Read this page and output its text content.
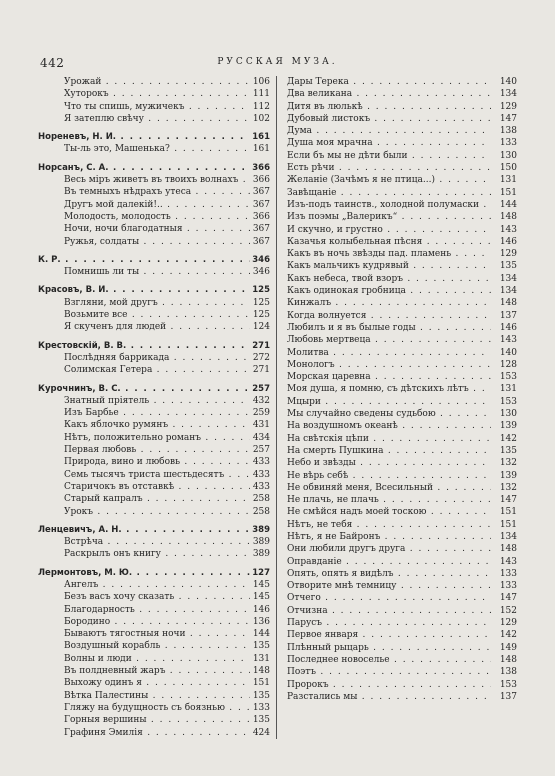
442	РУССКАЯ МУЗА.
Урожай . . .	106
Хуторокъ . . .	111
Что ты спишь, мужичекъ . . .	112
Я затеплю свѣчу . . .	102
Нореневъ, Н. И. . . .	161
Ты-ль это, Машенька? . . .	161
Норсанъ, С. А. . . .	366
Весь міръ живетъ въ твоихъ волнахъ . . .	366
Въ темныхъ нѣдрахъ утеса . . .	367
Другъ мой далекій!.. . . .	367
Молодость, молодость . . .	366
Ночи, ночи благодатныя . . .	367
Ружья, солдаты . . .	367
К. Р. . . .	346
Помнишь ли ты . . .	346
Красовъ, В. И. . . .	125
Взгляни, мой другъ . . .	125
Возьмите все . . .	125
Я скученъ для людей . . .	124
Крестовскій, В. В. . . .	271
Послѣдняя баррикада . . .	272
Солимская Гетера . . .	271
Курочнинъ, В. С. . . .	257
Знатный пріятель . . .	432
Изъ Барбье . . .	259
Какъ яблочко румянъ . . .	431
Нѣтъ, положительно романъ . . .	434
Первая любовь . . .	257
Природа, вино и любовь . . .	433
Семь тысячъ триста шестьдесятъ . . .	433
Старичокъ въ отставкѣ . . .	433
Старый капралъ . . .	258
Урокъ . . .	258
Ленцевичъ, А. Н. . . .	389
Встрѣча . . .	389
Раскрылъ онъ книгу . . .	389
Лермонтовъ, М. Ю. . . .	127
Ангелъ . . .	145
Безъ васъ хочу сказать . . .	145
Благодарность . . .	146
Бородино . . .	136
Бываютъ тягостныя ночи . . .	144
Воздушный корабль . . .	135
Волны и люди . . .	131
Въ полдневный жаръ . . .	148
Выхожу одинъ я . . .	151
Вѣтка Палестины . . .	135
Гляжу на будущность съ боязнью . . .	133
Горныя вершины . . .	135
Графиня Эмилія . . .	424
Дары Терека . . .	140
Два великана . . .	134
Дитя въ люлькѣ . . .	129
Дубовый листокъ . . .	147
Дума . . .	138
Душа моя мрачна . . .	133
Если бъ мы не дѣти были . . .	130
Есть рѣчи . . .	150
Желаніе (Зачѣмъ я не птица...) . . .	131
Завѣщаніе . . .	151
Изъ-подъ таинств., холодной полумаски . . .	144
Изъ поэмы „Валерикъ“ . . .	148
И скучно, и грустно . . .	143
Казачья колыбельная пѣсня . . .	146
Какъ въ ночь звѣзды пад. пламень . . .	129
Какъ мальчикъ кудрявый . . .	135
Какъ небеса, твой взоръ . . .	134
Какъ одинокая гробница . . .	134
Кинжалъ . . .	148
Когда волнуется . . .	137
Любилъ и я въ былые годы . . .	146
Любовь мертвеца . . .	143
Молитва . . .	140
Монологъ . . .	128
Морская царевна . . .	153
Моя душа, я помню, съ дѣтскихъ лѣтъ . . .	131
Мцыри . . .	153
Мы случайно сведены судьбою . . .	130
На воздушномъ океанѣ . . .	139
На свѣтскія цѣпи . . .	142
На смерть Пушкина . . .	135
Небо и звѣзды . . .	132
Не вѣрь себѣ . . .	139
Не обвиняй меня, Всесильный . . .	132
Не плачь, не плачь . . .	147
Не смѣйся надъ моей тоскою . . .	151
Нѣтъ, не тебя . . .	151
Нѣтъ, я не Байронъ . . .	134
Они любили другъ друга . . .	148
Оправданіе . . .	143
Опять, опять я видѣлъ . . .	133
Отворите мнѣ темницу . . .	133
Отчего . . .	147
Отчизна . . .	152
Парусъ . . .	129
Первое января . . .	142
Плѣнный рыцарь . . .	149
Последнее новоселье . . .	148
Поэтъ . . .	138
Пророкъ . . .	153
Разстались мы . . .	137
